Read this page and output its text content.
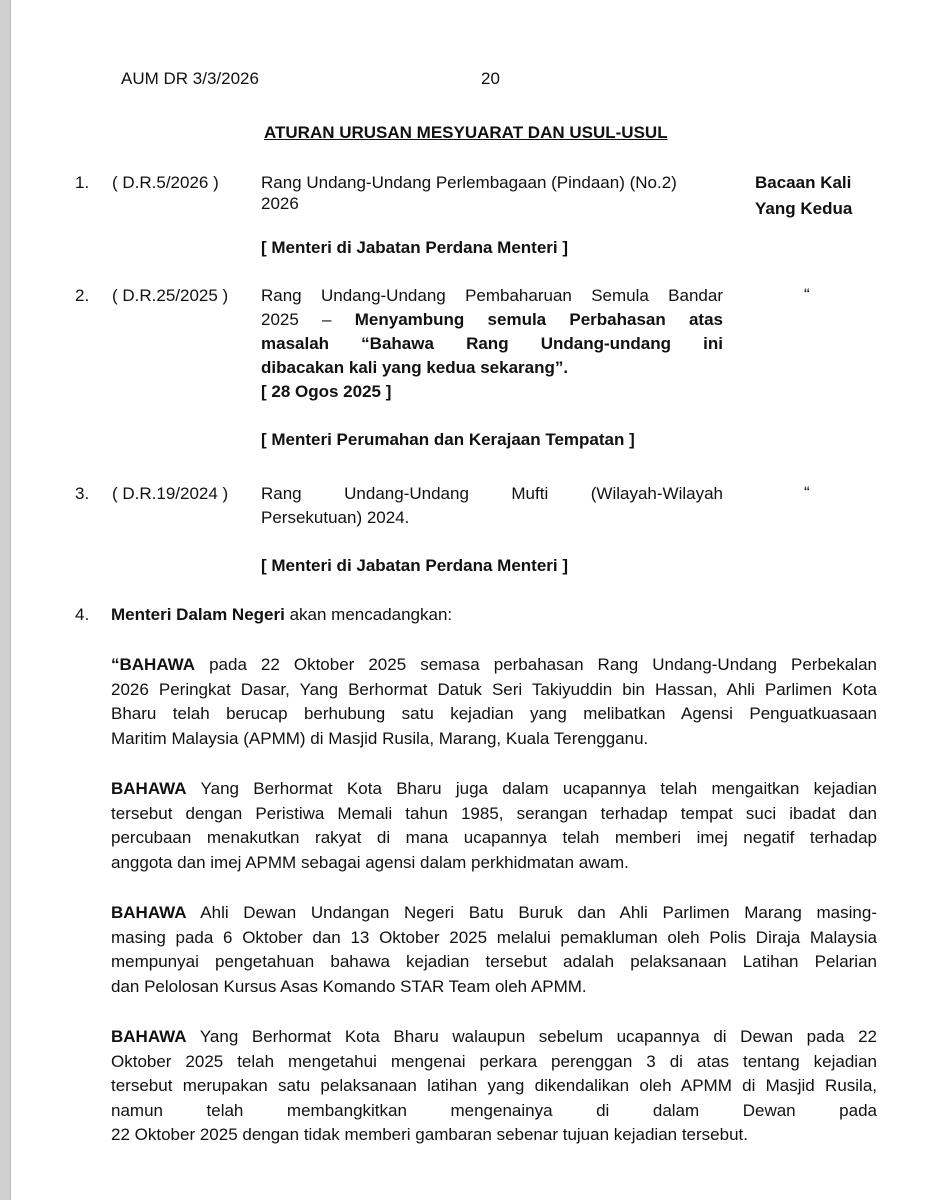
AUM DR 3/3/2026	20
ATURAN URUSAN MESYUARAT DAN USUL-USUL
1. ( D.R.5/2026 ) Rang Undang-Undang Perlembagaan (Pindaan) (No.2)
2026
Bacaan Kali
Yang Kedua
[ Menteri di Jabatan Perdana Menteri ]
2. ( D.R.25/2025 ) Rang Undang-Undang Pembaharuan Semula Bandar
2025 – Menyambung semula Perbahasan atas
masalah “Bahawa Rang Undang-undang ini
dibacakan kali yang kedua sekarang”.
[ 28 Ogos 2025 ]
“
[ Menteri Perumahan dan Kerajaan Tempatan ]
3. ( D.R.19/2024 ) Rang Undang-Undang Mufti (Wilayah-Wilayah
Persekutuan) 2024.
“
[ Menteri di Jabatan Perdana Menteri ]
4. Menteri Dalam Negeri akan mencadangkan:
“BAHAWA pada 22 Oktober 2025 semasa perbahasan Rang Undang-Undang Perbekalan
2026 Peringkat Dasar, Yang Berhormat Datuk Seri Takiyuddin bin Hassan, Ahli Parlimen Kota
Bharu telah berucap berhubung satu kejadian yang melibatkan Agensi Penguatkuasaan
Maritim Malaysia (APMM) di Masjid Rusila, Marang, Kuala Terengganu.
BAHAWA Yang Berhormat Kota Bharu juga dalam ucapannya telah mengaitkan kejadian
tersebut dengan Peristiwa Memali tahun 1985, serangan terhadap tempat suci ibadat dan
percubaan menakutkan rakyat di mana ucapannya telah memberi imej negatif terhadap
anggota dan imej APMM sebagai agensi dalam perkhidmatan awam.
BAHAWA Ahli Dewan Undangan Negeri Batu Buruk dan Ahli Parlimen Marang masing-
masing pada 6 Oktober dan 13 Oktober 2025 melalui pemakluman oleh Polis Diraja Malaysia
mempunyai pengetahuan bahawa kejadian tersebut adalah pelaksanaan Latihan Pelarian
dan Pelolosan Kursus Asas Komando STAR Team oleh APMM.
BAHAWA Yang Berhormat Kota Bharu walaupun sebelum ucapannya di Dewan pada 22
Oktober 2025 telah mengetahui mengenai perkara perenggan 3 di atas tentang kejadian
tersebut merupakan satu pelaksanaan latihan yang dikendalikan oleh APMM di Masjid Rusila,
namun telah membangkitkan mengenainya di dalam Dewan pada
22 Oktober 2025 dengan tidak memberi gambaran sebenar tujuan kejadian tersebut.
